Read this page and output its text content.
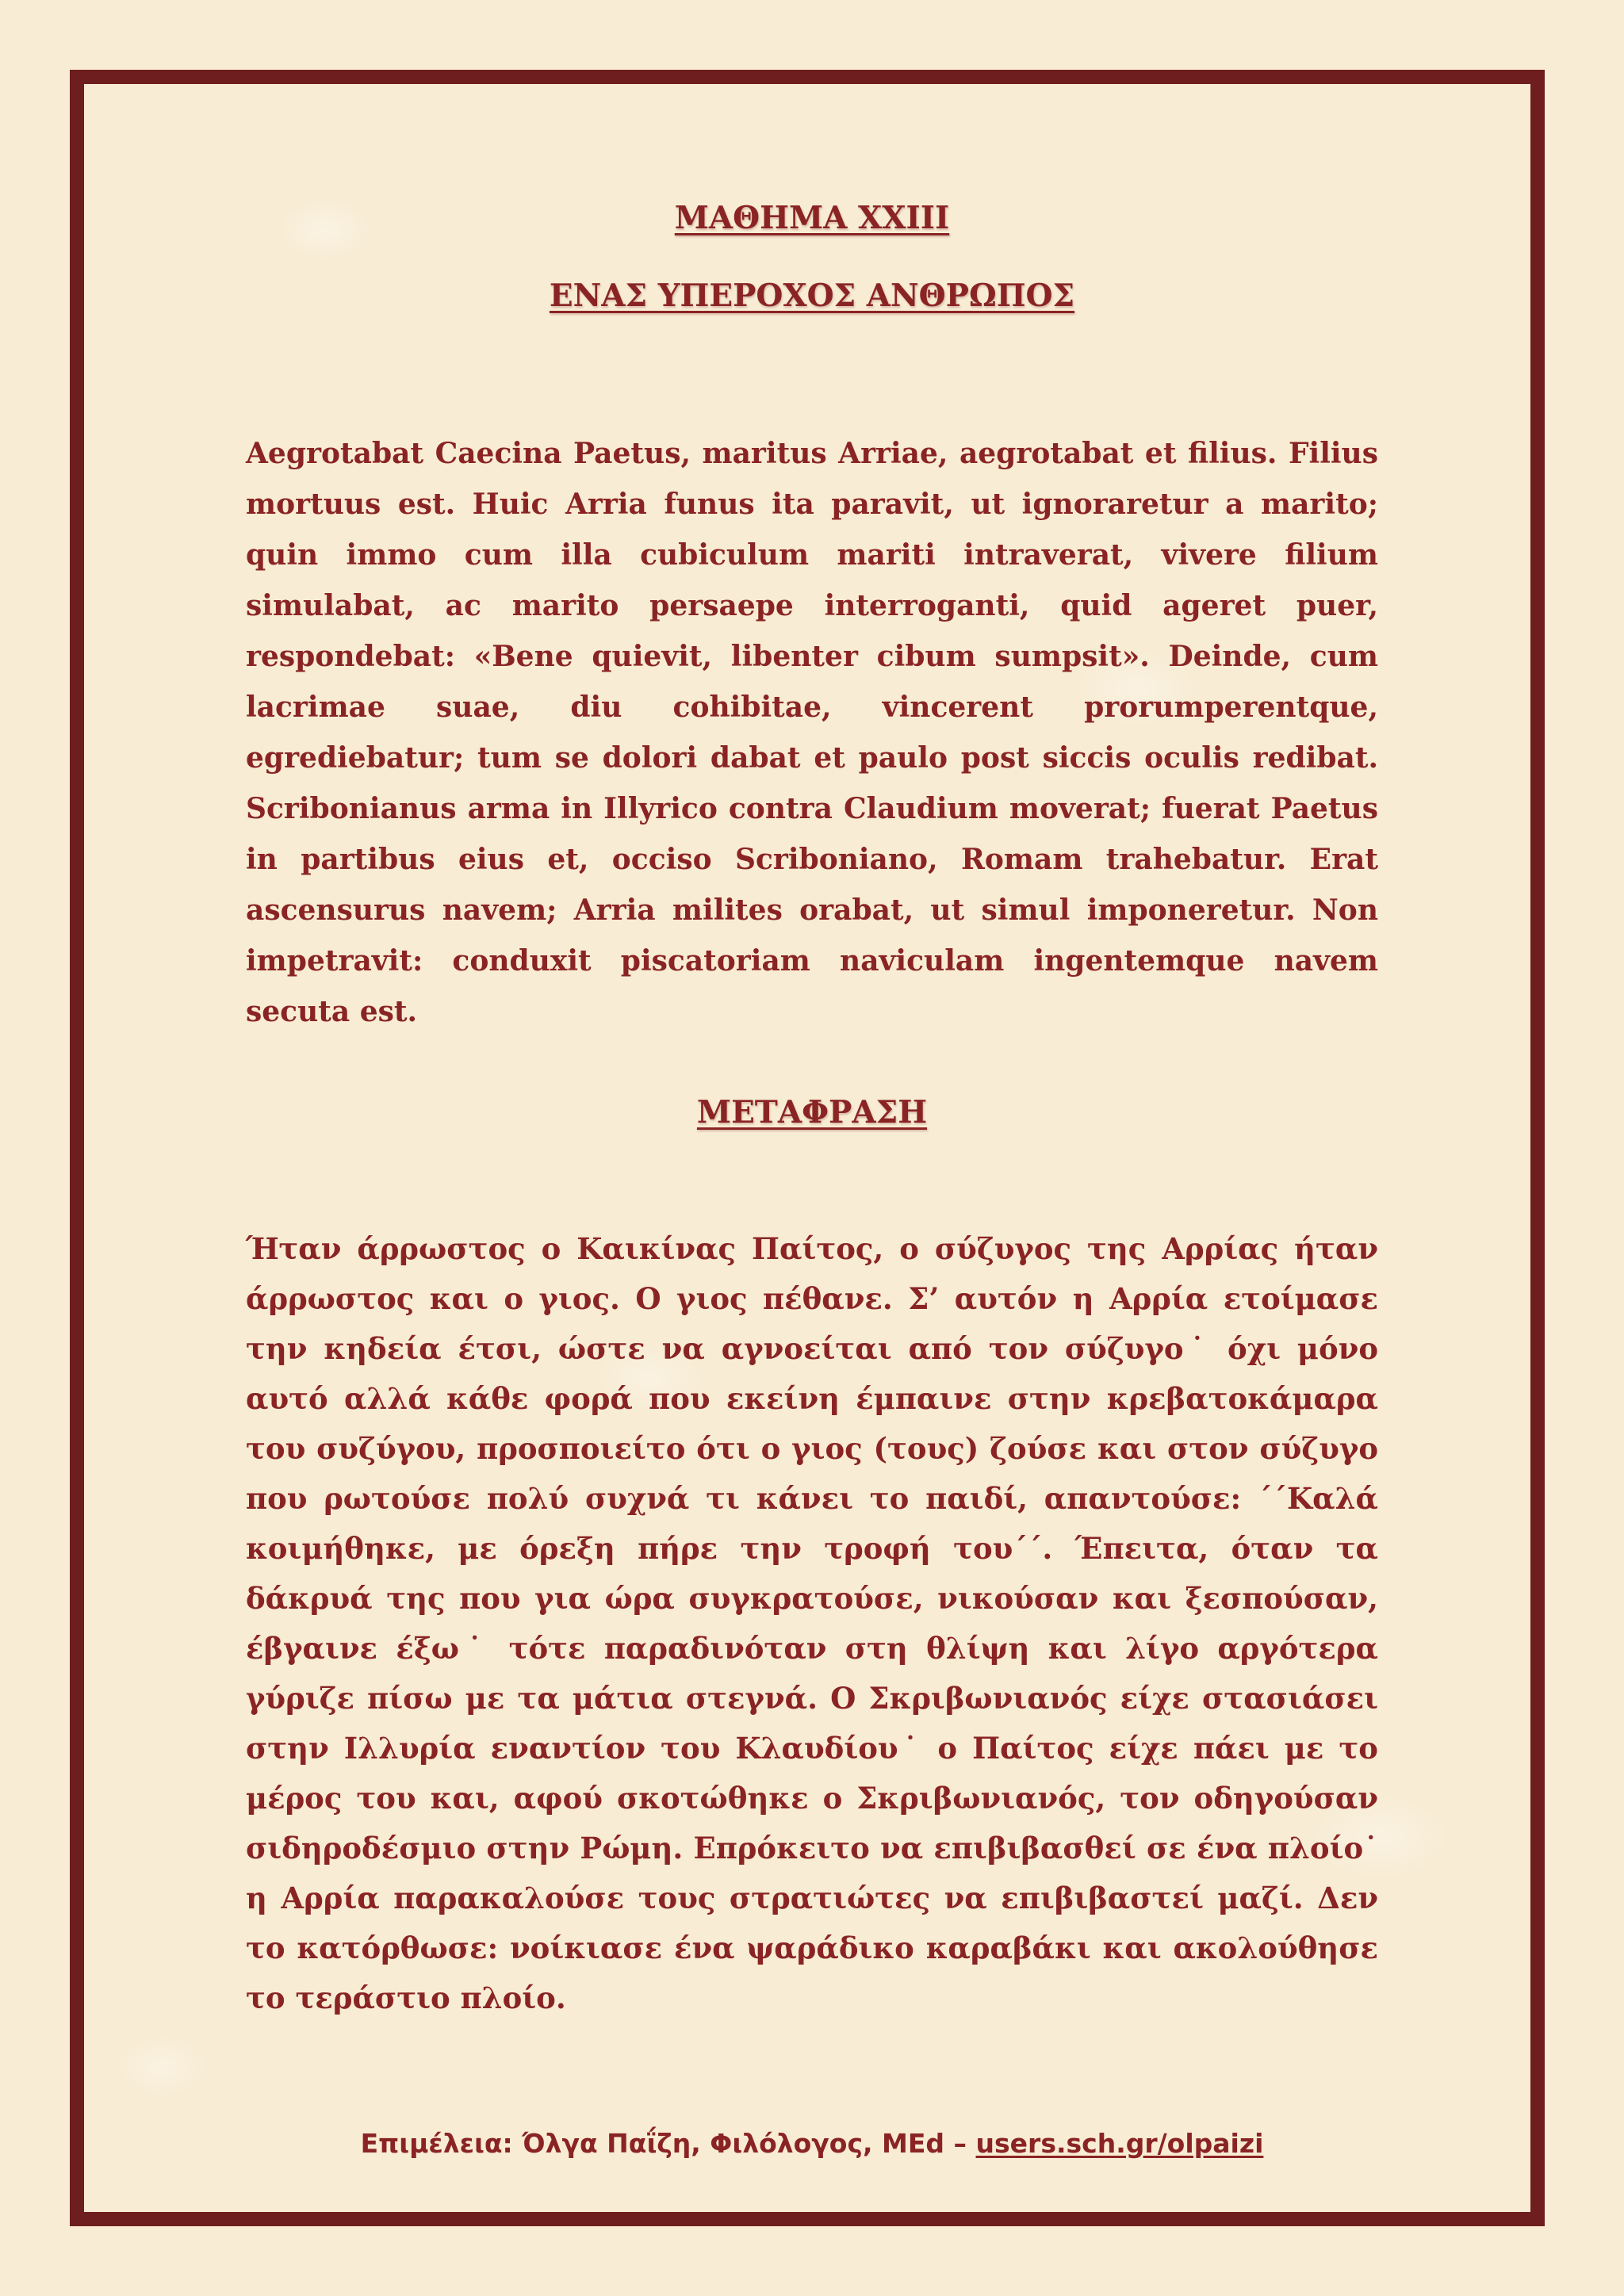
ΜΑΘΗΜΑ XXIII
ΕΝΑΣ ΥΠΕΡΟΧΟΣ ΑΝΘΡΩΠΟΣ

Aegrotabat Caecina Paetus, maritus Arriae, aegrotabat et filius. Filius mortuus est. Huic Arria funus ita paravit, ut ignoraretur a marito; quin immo cum illa cubiculum mariti intraverat, vivere filium simulabat, ac marito persaepe interroganti, quid ageret puer, respondebat: «Bene quievit, libenter cibum sumpsit». Deinde, cum lacrimae suae, diu cohibitae, vincerent prorumperentque, egrediebatur; tum se dolori dabat et paulo post siccis oculis redibat. Scribonianus arma in Illyrico contra Claudium moverat; fuerat Paetus in partibus eius et, occiso Scriboniano, Romam trahebatur. Erat ascensurus navem; Arria milites orabat, ut simul imponeretur. Non impetravit: conduxit piscatoriam naviculam ingentemque navem secuta est.

ΜΕΤΑΦΡΑΣΗ

Ήταν άρρωστος ο Καικίνας Παίτος, ο σύζυγος της Αρρίας ήταν άρρωστος και ο γιος. Ο γιος πέθανε. Σ’ αυτόν η Αρρία ετοίμασε την κηδεία έτσι, ώστε να αγνοείται από τον σύζυγο˙ όχι μόνο αυτό αλλά κάθε φορά που εκείνη έμπαινε στην κρεβατοκάμαρα του συζύγου, προσποιείτο ότι ο γιος (τους) ζούσε και στον σύζυγο που ρωτούσε πολύ συχνά τι κάνει το παιδί, απαντούσε: ΄΄Καλά κοιμήθηκε, με όρεξη πήρε την τροφή του΄΄. Έπειτα, όταν τα δάκρυά της που για ώρα συγκρατούσε, νικούσαν και ξεσπούσαν, έβγαινε έξω˙ τότε παραδινόταν στη θλίψη και λίγο αργότερα γύριζε πίσω με τα μάτια στεγνά. Ο Σκριβωνιανός είχε στασιάσει στην Ιλλυρία εναντίον του Κλαυδίου˙ ο Παίτος είχε πάει με το μέρος του και, αφού σκοτώθηκε ο Σκριβωνιανός, τον οδηγούσαν σιδηροδέσμιο στην Ρώμη. Επρόκειτο να επιβιβασθεί σε ένα πλοίο˙ η Αρρία παρακαλούσε τους στρατιώτες να επιβιβαστεί μαζί. Δεν το κατόρθωσε: νοίκιασε ένα ψαράδικο καραβάκι και ακολούθησε το τεράστιο πλοίο.

Επιμέλεια: Όλγα Παΐζη, Φιλόλογος, MEd – users.sch.gr/olpaizi
